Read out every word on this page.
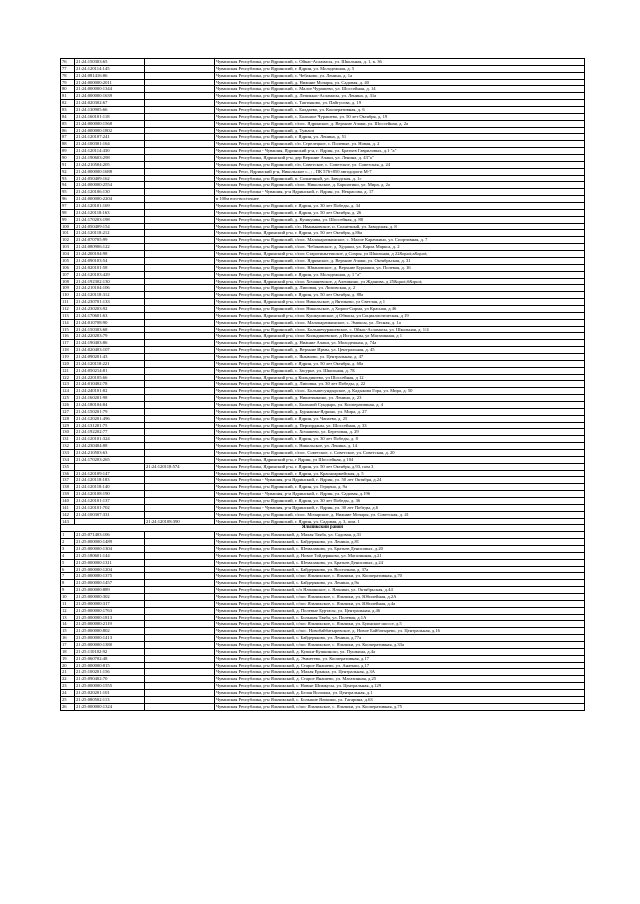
76	21:24:150303:65		Чувашская Республика, р-н Ядринский, с. Ойкас-Асламасы, ул. Школьная, д. 1, к. 36
77	21:24:120114:145		Чувашская Республика, р-н Ядринский, г. Ядрин, ул. Молодежная, д. 5
78	21:24:081416:86		Чувашская Республика, р-н Ядринский, с. Чебаково, ул. Ленина, д. 1а
79	21:24:000000:2011		Чувашская Республика, р-н Ядринский, д. Нижние Мочары, ул. Садовая, д. 40
80	21:24:000000:1344		Чувашская Республика, р-н Ядринский, с. Малое Чурашево, ул. Шоссейная, д. 14
81	21:24:000000:1639		Чувашская Республика, р-н Ядринский, д. Лепиккас-Асламасы, ул. Ленина, д. 31а
82	21:24:020302:67		Чувашская Республика, р-н Ядринский, с. Таптыково, ул. Пайгусова, д. 19
83	21:24:130905:66		Чувашская Республика, р-н Ядринский, с. Балдаево, ул. Кооперативная, д. 6
84	21:24:160101:118		Чувашская Республика, р-н Ядринский, с. Большое Чурашево, ул. 50 лет Октября, д. 19
85	21:24:000000:1568		Чувашская Республика, р-н Ядринский, с/пос. Ядринское, д. Верхние Ачаки, ул. Шоссейная, д. 2а
86	21:24:000000:1802		Чувашская Республика, р-н Ядринский, д. Тужаси
87	21:24:120107:241		Чувашская Республика, р-н Ядринский, г. Ядрин, ул. Ленина, д. 51
88	21:24:100301:164		Чувашская Республика, р-н Ядринский, с/п. Стрелецкое, с. Полевые, ул. Новая, д. 2
89	21:24:120114:430		Чувашская Республика - Чувашия, Ядринский р-н, г. Ядрин, ул. Братьев Гавриловых, д.1 "а"
90	21:24:190603:298		Чувашская Республика, Ядринский р-н, дер Верхние Ачаки, ул. Ленина, д. 43"а"
91	21:24:210504:205		Чувашская Республика, р-н Ядринский, с/п. Советское, с. Советское, ул. Советская, д. 24
92	21:24:000000:1688		Чувашская Респ, Ядринский р-н, Никольское с., ; , ПК 576+850 автодороги М-7
93	21:24:050409:162		Чувашская Республика, р-н Ядринский, п. Солнечный, ул. Заводская, д. 1г
94	21:24:000000:2554		Чувашская Республика, р-н Ядринский, с/пос. Никольское, д. Баршатино, ул. Мира, д. 2а
95	21:24:120106:130		Чувашская Республика - Чувашия, р-н Ядринский, г. Ядрин, ул. Некрасова, д. 17
96	21:24:000000:2204		в 100м юго-восточнее
97	21:24:120101:169		Чувашская Республика, р-н Ядринский, г. Ядрин, ул. 30 лет Победы, д. 34
98	21:24:120118:163		Чувашская Республика, р-н Ядринский, г. Ядрин, ул. 50 лет Октября, д. 26
99	21:24:170203:198		Чувашская Республика, р-н Ядринский, д. Кушкушва, ул. Шоссейная, д. 88
100	21:24:050409:154		Чувашская Республика, р-н Ядринский, с/п. Иваньковское, п. Солнечный, ул. Заводская, д. 8
101	21:24:120118:212		Чувашская Республика, Ядринский р-н, г. Ядрин, ул. 50 лет Октября, д.86а
102	21:24:070705:99		Чувашская Республика, р-н Ядринский, с/пос. Малокарачкинское, с. Малое Карачкино, ул. Спортивная, д. 7
103	21:24:080906:122		Чувашская Республика, р-н Ядринский, с/пос. Чебаковское, д. Худаши, ул. Карла Маркса, д. 2
104	21:24:200104:98		Чувашская Республика, Ядринский р-н, с/пос Старотиньгешское, д Сохры, ул Школьная, д 22&quot;а&quot;
105	21:24:090103:54		Чувашская Республика, р-н Ядринский, с/пос. Ядринское, д. Верхние Ачаки, ул. Октябрьская, д. 31
106	21:24:020101:58		Чувашская Республика, р-н Ядринский, с/пос. Ювановское, д. Верхние Бурнаши, ул. Полевая, д. 16
107	21:24:120103:429		Чувашская Республика, р-н Ядринский, г. Ядрин, ул. Молодежная, д. 1 "а"
108	21:24:192302:130		Чувашская Республика, Ядринский р-н, с/пос Хочашевское, д Алешкино, ул Жданова, д 25&quot;б&quot;
109	21:24:210104:106		Чувашская Республика, р-н Ядринский, д. Липовая, ул. Липовская, д. 2
110	21:24:120118:312		Чувашская Республика, р-н Ядринский, г. Ядрин, ул. 50 лет Октября, д. 88а
111	21:24:230701:133		Чувашская Республика, Ядринский р-н, с/пос Никольское, д Янтиково, ул Светлая, д 1
112	21:24:230203:92		Чувашская Республика, р-н Ядринский, с/пос Никольское, д Хирпи-Сирма, ул Красная, д 46
113	21:24:170601:63		Чувашская Республика, Ядринский р-н, с/пос Кушкушвское, д Обвасы, ул Социалистическая, д 19
114	21:24:010708:90		Чувашская Республика, р-н Ядринский, с/пос. Малокарачкинское, с. Эмиксы, ул. Лесная, д. 1а
115	21:24:150303:68		Чувашская Республика, р-н Ядринский, с/пос. Большечурашевское, с. Ойкас-Асламасы, ул. Школьная, д. 1/4
116	21:24:220203:79		Чувашская Республика, Ядринский р-н, с/пос Кильдишевское, д Испуханы, ул Магазинная, д 1
117	21:24:190403:86		Чувашская Республика, р-н Ядринский, д. Нижние Ачаки, ул. Молодежная, д. 74а
118	21:24:020403:107		Чувашская Республика, р-н Ядринский, д. Верхние Ирмы, ул. Центральная, д. 45
119	21:24:090201:43		Чувашская Республика, р-н Ядринский, с. Янымово, ул. Центральная, д. 47
120	21:24:120118:221		Чувашская Республика, р-н Ядринский, г. Ядрин, ул. 50 лет Октября, д. 68а
121	21:24:050214:81		Чувашская Республика, р-н Ядринский, с. Засурье, ул. Школьная, д. 7Б
122	21:24:220105:66		Чувашская Республика, Ядринский р-н, д Кильдишево, ул Шоссейная, д 12
123	21:24:010402:78		Чувашская Республика, р-н Ядринский, д. Липовка, ул. 30 лет Победы, д. 22
124	21:24:240101:82		Чувашская Республика, р-н Ядринский, с/пос. Большесундырское, д. Кадыкова Гора, ул. Мира, д. 50
125	21:24:160201:98		Чувашская Республика, р-н Ядринский, д. Никитинкино, ул. Ленина, д. 23
126	21:24:180104:84		Чувашская Республика, р-н Ядринский, с. Большой Сундырь, ул. Кооперативная, д. 4
127	21:24:150201:79		Чувашская Республика, р-н Ядринский, д. Бурнашка-Ядрино, ул. Мира, д. 27
128	21:24:120201:496		Чувашская Республика, р-н Ядринский, г. Ядрин, ул. Чапаева, д. 25
129	21:24:131201:75		Чувашская Республика, р-н Ядринский, д. Персирданы, ул. Шоссейная, д. 33
130	21:24:192202:77		Чувашская Республика, р-н Ядринский, с. Хочашево, ул. Березовая, д. 29
131	21:24:120101:324		Чувашская Республика, р-н Ядринский, г. Ядрин, ул. 30 лет Победы, д. 8
132	21:24:230404:88		Чувашская Республика, р-н Ядринский, с. Никольское, ул. Ленина, д. 14
133	21:24:210503:63		Чувашская Республика, р-н Ядринский, с/пос. Советское, с. Советское, ул. Советская, д. 20
134	21:24:170203:265		Чувашская Республика, Ядринский р-н, г Ядрин, ул Шоссейная, д 104
135		21:24:120118:574	Чувашская Республика, Ядринский р-н, г. Ядрин, ул. 50 лет Октября, д.93, пом 3
136	21:24:120109:147		Чувашская Республика, р-н Ядринский, г. Ядрин, ул. Красноармейская, д. 5
137	21:24:120118:183		Чувашская Республика - Чувашия, р-н Ядринский, г. Ядрин, ул. 50 лет Октября, д.24
138	21:24:120118:140		Чувашская Республика, р-н Ядринский, г. Ядрин, ул. Герцена, д. 9а
139	21:24:120108:190		Чувашская Республика - Чувашия, р-н Ядринский, г. Ядрин, ул. Садовая, д.196
140	21:24:120101:137		Чувашская Республика, р-н Ядринский, г. Ядрин, ул. 30 лет Победы, д. 36
141	21:24:120101:702		Чувашская Республика - Чувашия, р-н Ядринский, г. Ядрин, ул. 30 лет Победы, д.6
142	21:24:100307:331		Чувашская Республика, р-н Ядринский, с/пос. Мочарское, д. Нижние Мочары, ул. Советская, д. 41
143		21:24:120108:390	Чувашская Республика, р-н Ядринский, г. Ядрин, ул. Садовая, д. 3, пом. 1
Яльчикский район			
1	21:25:071403:106		Чувашская Республика, р-н Яльчикский, д. Малая Таяба, ул. Садовая, д.31
2	21:25:000000:1489		Чувашская Республика, р-н Яльчикский, с. Байдеряково, ул. Ленина, д.81
3	21:25:000000:1304		Чувашская Республика, р-н Яльчикский, с. Шемалаково, ул. Братьев Денисовых, д.20
4	21:25:180601:144		Чувашская Республика, р-н Яльчикский, д. Новое Тойдеряково, ул. Магазинная, д.21
5	21:25:000000:1311		Чувашская Республика, р-н Яльчикский, с. Шемалаково, ул. Братьев Денисовых, д.24
6	21:25:000000:1204		Чувашская Республика, р-н Яльчикский, с. Байдеряково, ул. Восточная, д. 37а
7	21:25:000000:1375		Чувашская Республика, р-н Яльчикский, с/пос Яльчикское, с. Яльчики, ул. Кооперативная, д.70
8	21:25:000000:1457		Чувашская Республика, р-н Яльчикский, с. Байдеряково, ул. Ленина, д.9а
9	21:25:000000:889		Чувашская Республика, р-н Яльчикский, с/п Яльчикское, с. Яльчики, ул. Октябрьская, д.44
10	21:25:000000:302		Чувашская Республика, р-н Яльчикский, с/пос Яльчикское, с. Яльчики, ул. Юбилейная, д.2А
11	21:25:000000:317		Чувашская Республика, р-н Яльчикский, с/пос Яльчикское, с. Яльчики, ул. Юбилейная, д.4а
12	21:25:000000:1763		Чувашская Республика, р-н Яльчикский, д. Полевые Буртасы, ул. Центральная, д.46
13	21:25:000000:1813		Чувашская Республика, р-н Яльчикский, с. Большая Таяба, ул. Полевая, д.1А
14	21:25:000000:2119		Чувашская Республика, р-н Яльчикский, с/пос Яльчикское, с. Яльчики, ул. Буинское шоссе, д.5
15	21:25:000000:802		Чувашская Республика, р-н Яльчикский, с/пос. Новобайбатыревское, д. Новое Байбатырево, ул. Центральная, д.16
16	21:25:000000:1413		Чувашская Республика, р-н Яльчикский, с. Байдеряково, ул. Ленина, д.77а
17	21:25:000000:1380		Чувашская Республика, р-н Яльчикский, с/пос Яльчикское, с. Яльчики, ул. Кооперативная, д.33а
18	21:25:110102:92		Чувашская Республика, р-н Яльчикский, д. Кушки-Кушкинско, ул. Пушкина, д.4а
19	21:25:060702:48		Чувашская Республика, р-н Яльчикский, д. Эмметево, ул. Кооперативная, д.17
20	21:25:000000:815		Чувашская Республика, р-н Яльчикский, д. Старое Янашево, ул. Анатыш, д.17
21	21:25:100201:156		Чувашская Республика, р-н Яльчикский, д. Малая Ерыкла, ул. Центральная, д.3А
22	21:25:090402:70		Чувашская Республика, р-н Яльчикский, д. Старое Янашево, ул. Магазинная, д.25
23	21:25:000000:1555		Чувашская Республика, р-н Яльчикский, с. Новые Шимкусы, ул. Центральная, д.129
24	21:25:020201:101		Чувашская Республика, р-н Яльчикский, д. Белая Воложка, ул. Центральная, д.1
25	21:25:080502:113		Чувашская Республика, р-н Яльчикский, с. Большие Яльчики, ул. Гагарина, д.63
26	21:25:000000:1324		Чувашская Республика, р-н Яльчикский, с/пос Яльчикское, с. Яльчики, ул. Кооперативная, д.75
